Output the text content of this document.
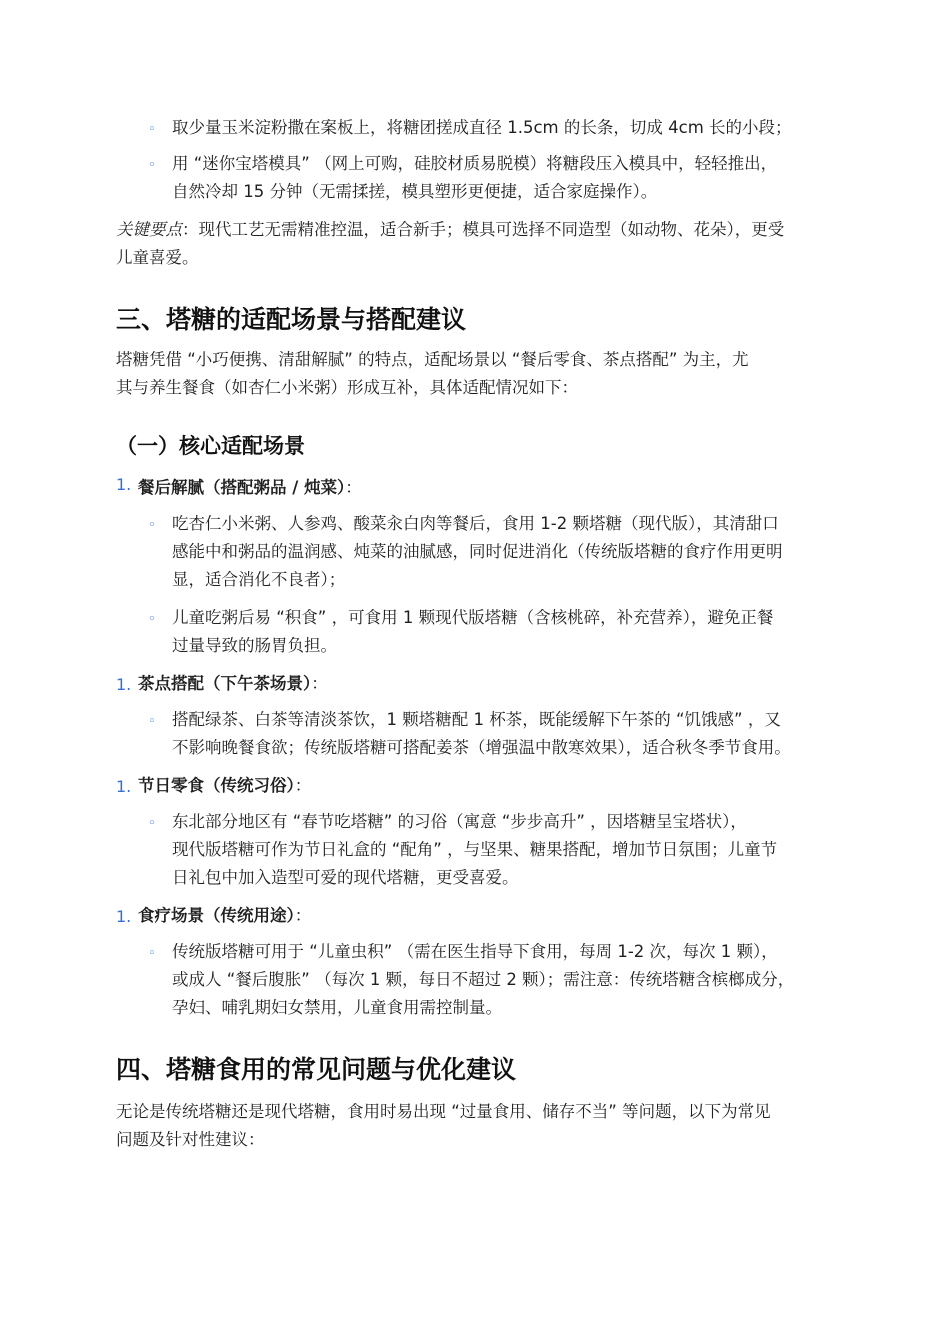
◦ 取少量玉米淀粉撒在案板上，将糖团搓成直径 1.5cm 的长条，切成 4cm 长的小段；
◦ 用 “迷你宝塔模具” （网上可购，硅胶材质易脱模）将糖段压入模具中，轻轻推出，
自然冷却 15 分钟（无需揉搓，模具塑形更便捷，适合家庭操作）。
关键要点：现代工艺无需精准控温，适合新手；模具可选择不同造型（如动物、花朵），更受
儿童喜爱。
三、塔糖的适配场景与搭配建议
塔糖凭借 “小巧便携、清甜解腻” 的特点，适配场景以 “餐后零食、茶点搭配” 为主，尤
其与养生餐食（如杏仁小米粥）形成互补，具体适配情况如下：
（一）核心适配场景
1. 餐后解腻（搭配粥品 / 炖菜）：
◦ 吃杏仁小米粥、人参鸡、酸菜汆白肉等餐后，食用 1-2 颗塔糖（现代版），其清甜口
感能中和粥品的温润感、炖菜的油腻感，同时促进消化（传统版塔糖的食疗作用更明
显，适合消化不良者）；
◦ 儿童吃粥后易 “积食” ，可食用 1 颗现代版塔糖（含核桃碎，补充营养），避免正餐
过量导致的肠胃负担。
1. 茶点搭配（下午茶场景）：
◦ 搭配绿茶、白茶等清淡茶饮，1 颗塔糖配 1 杯茶，既能缓解下午茶的 “饥饿感” ，又
不影响晚餐食欲；传统版塔糖可搭配姜茶（增强温中散寒效果），适合秋冬季节食用。
1. 节日零食（传统习俗）：
◦ 东北部分地区有 “春节吃塔糖” 的习俗（寓意 “步步高升” ，因塔糖呈宝塔状），
现代版塔糖可作为节日礼盒的 “配角” ，与坚果、糖果搭配，增加节日氛围；儿童节
日礼包中加入造型可爱的现代塔糖，更受喜爱。
1. 食疗场景（传统用途）：
◦ 传统版塔糖可用于 “儿童虫积” （需在医生指导下食用，每周 1-2 次，每次 1 颗），
或成人 “餐后腹胀” （每次 1 颗，每日不超过 2 颗）；需注意：传统塔糖含槟榔成分，
孕妇、哺乳期妇女禁用，儿童食用需控制量。
四、塔糖食用的常见问题与优化建议
无论是传统塔糖还是现代塔糖，食用时易出现 “过量食用、储存不当” 等问题，以下为常见
问题及针对性建议：
